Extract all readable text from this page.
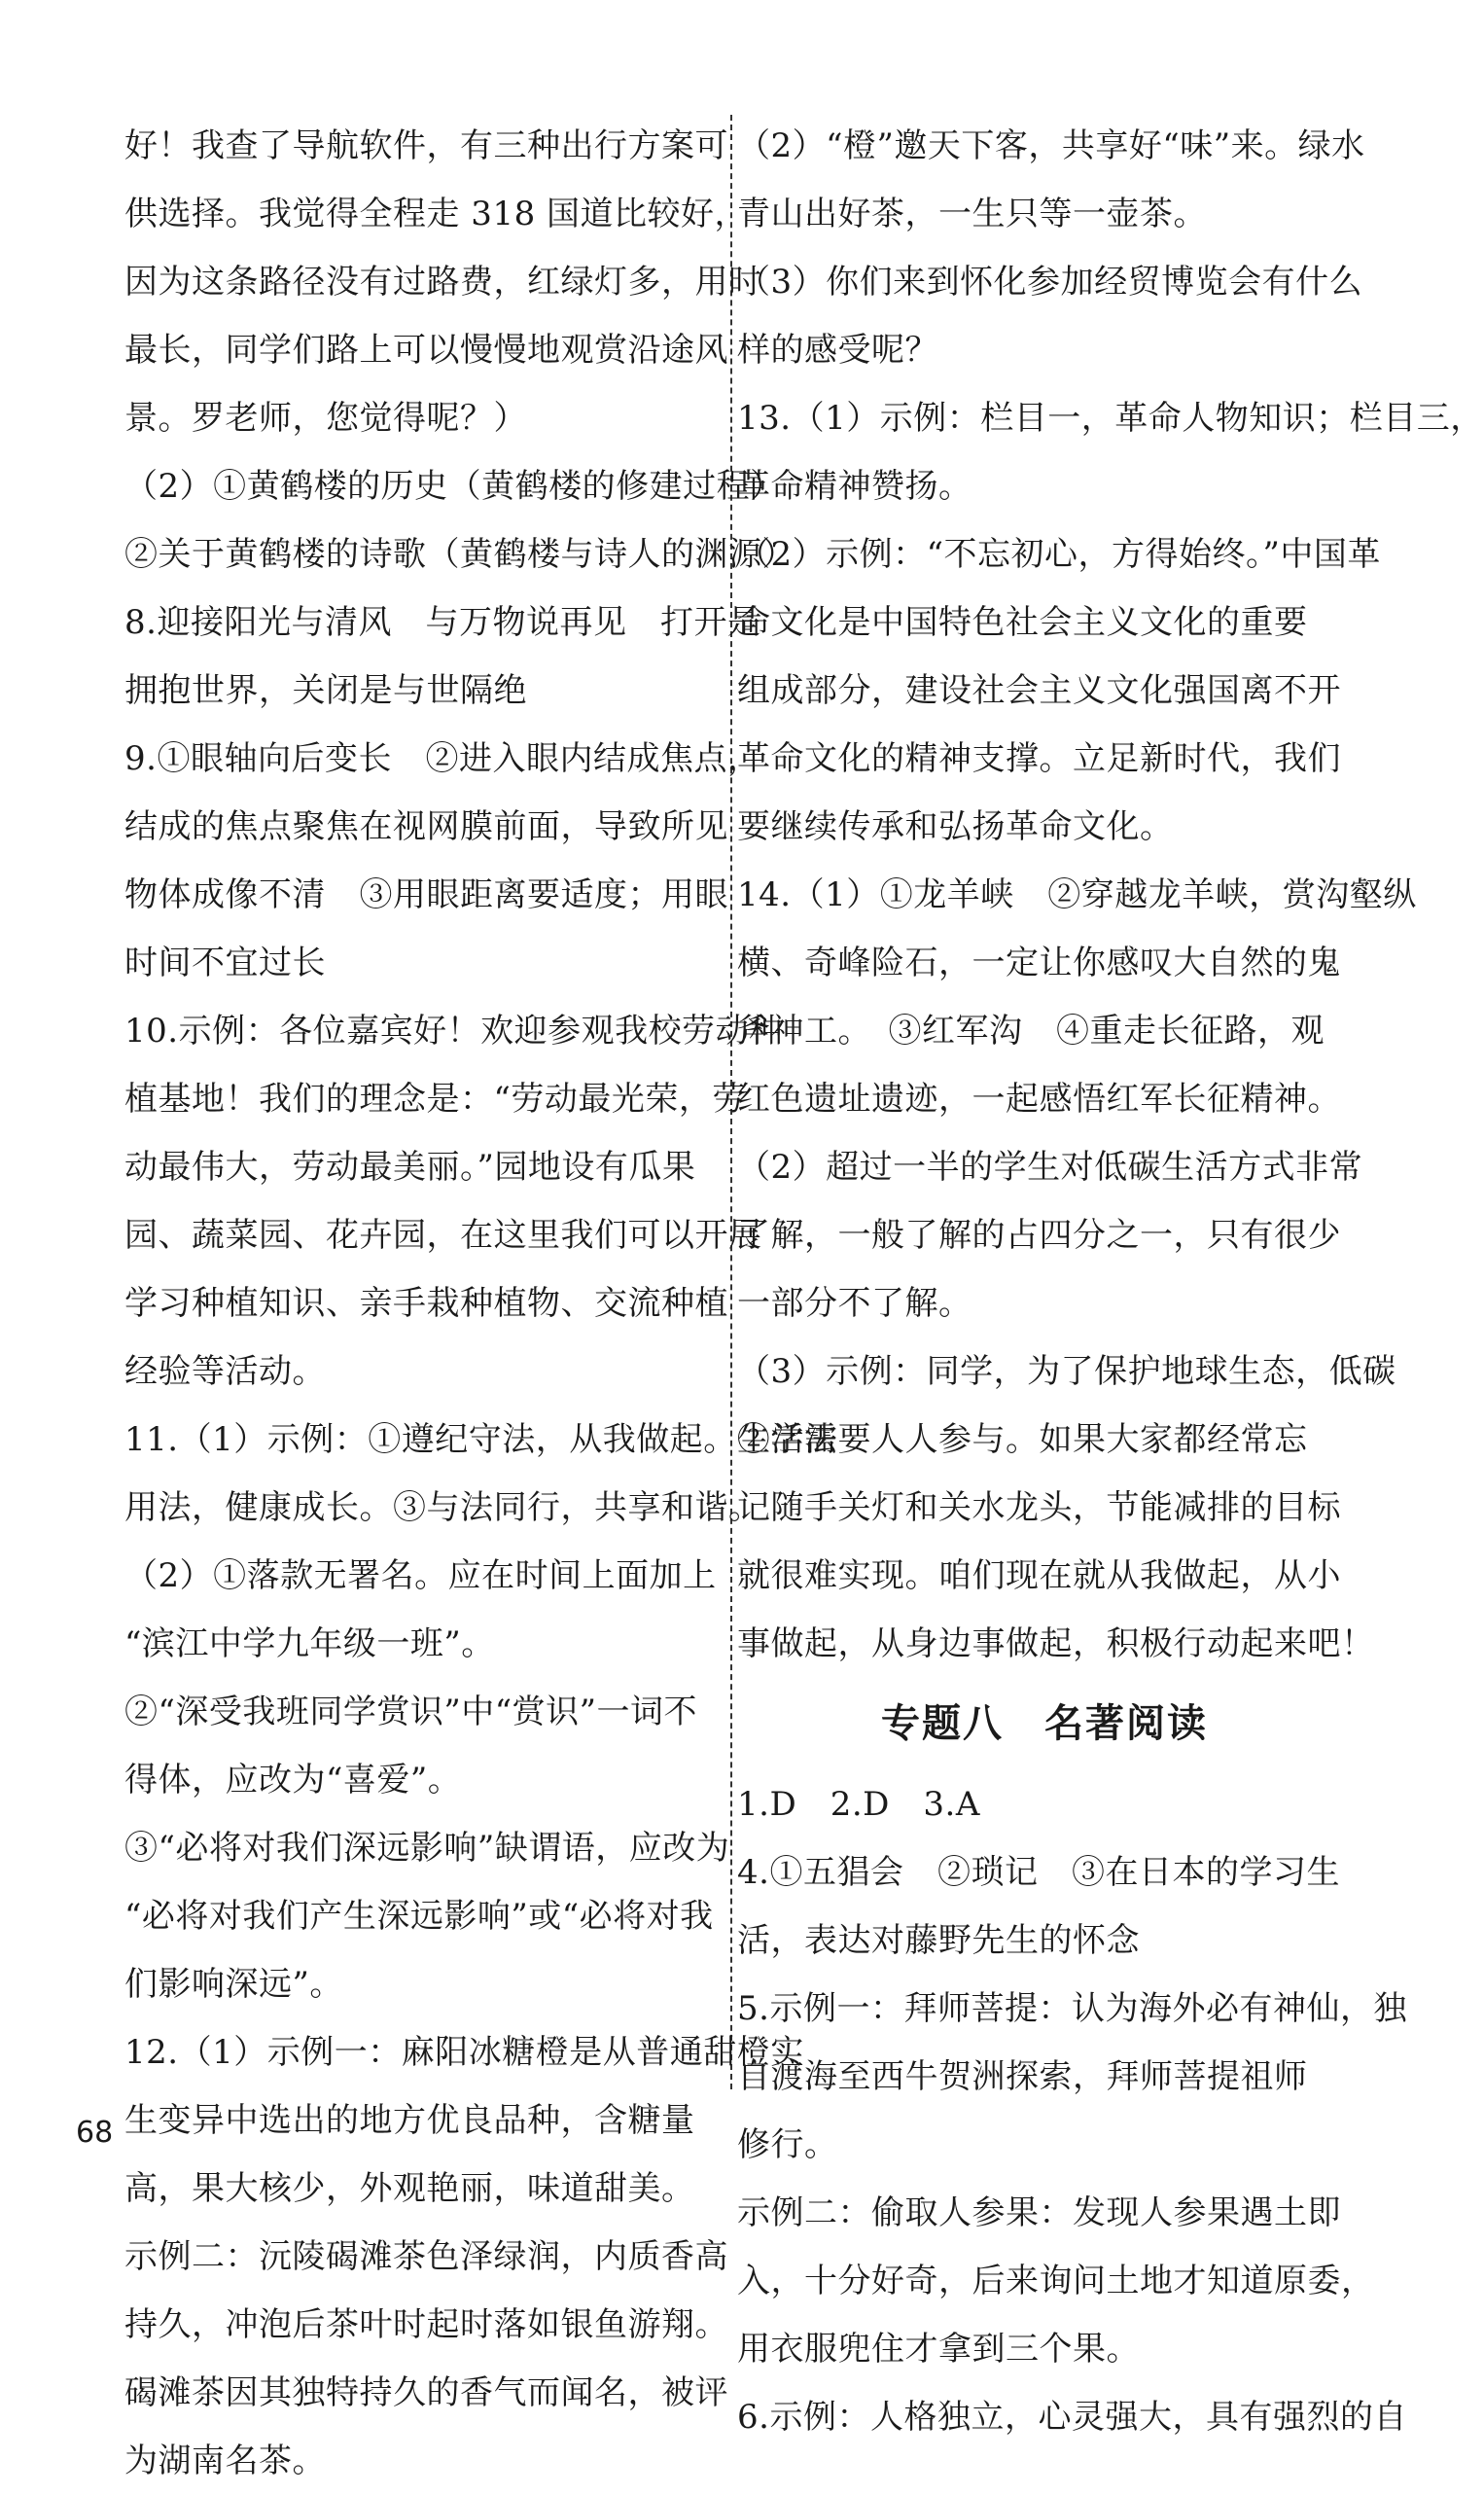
好！我查了导航软件，有三种出行方案可
供选择。我觉得全程走 318 国道比较好，
因为这条路径没有过路费，红绿灯多，用时
最长，同学们路上可以慢慢地观赏沿途风
景。罗老师，您觉得呢？）
（2）①黄鹤楼的历史（黄鹤楼的修建过程）
②关于黄鹤楼的诗歌（黄鹤楼与诗人的渊源）
8.迎接阳光与清风　与万物说再见　打开是
拥抱世界，关闭是与世隔绝
9.①眼轴向后变长　②进入眼内结成焦点，
结成的焦点聚焦在视网膜前面，导致所见
物体成像不清　③用眼距离要适度；用眼
时间不宜过长
10.示例：各位嘉宾好！欢迎参观我校劳动种
植基地！我们的理念是：“劳动最光荣，劳
动最伟大，劳动最美丽。”园地设有瓜果
园、蔬菜园、花卉园，在这里我们可以开展
学习种植知识、亲手栽种植物、交流种植
经验等活动。
11.（1）示例：①遵纪守法，从我做起。②学法
用法，健康成长。③与法同行，共享和谐。
（2）①落款无署名。应在时间上面加上
“滨江中学九年级一班”。
②“深受我班同学赏识”中“赏识”一词不
得体，应改为“喜爱”。
③“必将对我们深远影响”缺谓语，应改为
“必将对我们产生深远影响”或“必将对我
们影响深远”。
12.（1）示例一：麻阳冰糖橙是从普通甜橙实
生变异中选出的地方优良品种，含糖量
高，果大核少，外观艳丽，味道甜美。
示例二：沅陵碣滩茶色泽绿润，内质香高
持久，冲泡后茶叶时起时落如银鱼游翔。
碣滩茶因其独特持久的香气而闻名，被评
为湖南名茶。
（2）“橙”邀天下客，共享好“味”来。绿水
青山出好茶，一生只等一壶茶。
（3）你们来到怀化参加经贸博览会有什么
样的感受呢？
13.（1）示例：栏目一，革命人物知识；栏目三，
革命精神赞扬。
（2）示例：“不忘初心，方得始终。”中国革
命文化是中国特色社会主义文化的重要
组成部分，建设社会主义文化强国离不开
革命文化的精神支撑。立足新时代，我们
要继续传承和弘扬革命文化。
14.（1）①龙羊峡　②穿越龙羊峡，赏沟壑纵
横、奇峰险石，一定让你感叹大自然的鬼
斧神工。　③红军沟　④重走长征路，观
红色遗址遗迹，一起感悟红军长征精神。
（2）超过一半的学生对低碳生活方式非常
了解，一般了解的占四分之一，只有很少
一部分不了解。
（3）示例：同学，为了保护地球生态，低碳
生活需要人人参与。如果大家都经常忘
记随手关灯和关水龙头，节能减排的目标
就很难实现。咱们现在就从我做起，从小
事做起，从身边事做起，积极行动起来吧！
专题八　名著阅读
1.D　2.D　3.A
4.①五猖会　②琐记　③在日本的学习生
活，表达对藤野先生的怀念
5.示例一：拜师菩提：认为海外必有神仙，独
自渡海至西牛贺洲探索，拜师菩提祖师
修行。
示例二：偷取人参果：发现人参果遇土即
入，十分好奇，后来询问土地才知道原委，
用衣服兜住才拿到三个果。
6.示例：人格独立，心灵强大，具有强烈的自
68
